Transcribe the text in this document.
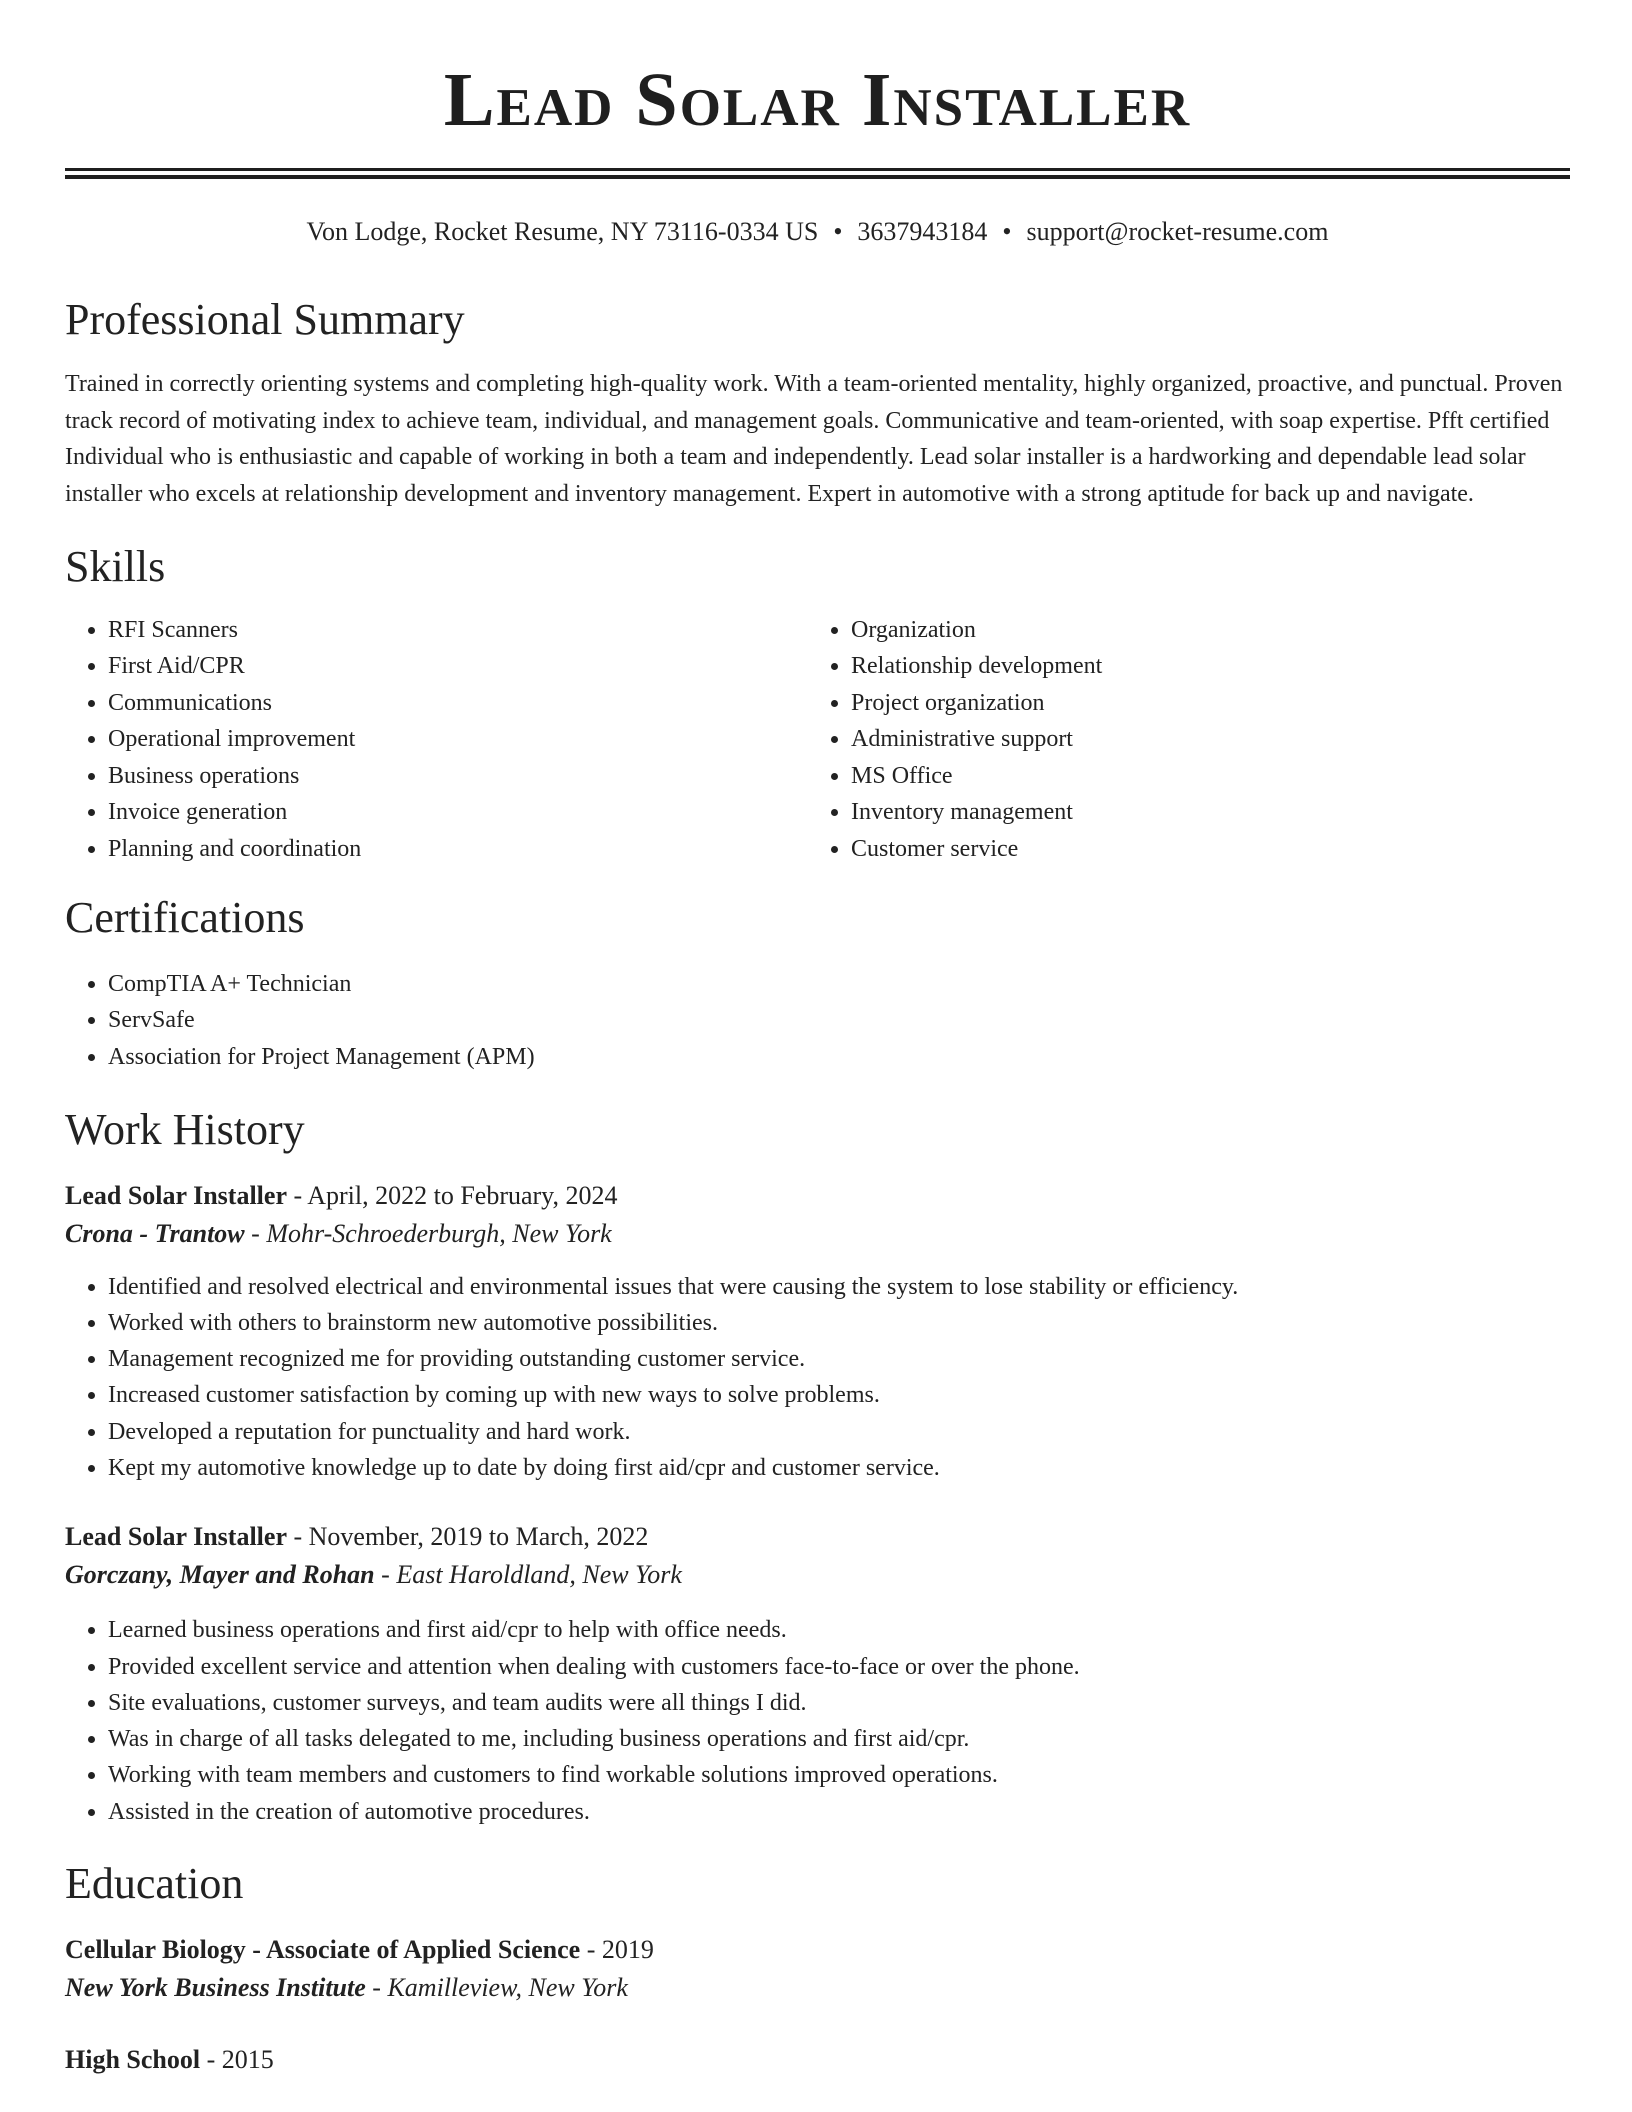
Lead Solar Installer
Von Lodge, Rocket Resume, NY 73116-0334 US • 3637943184 • support@rocket-resume.com
Professional Summary

Trained in correctly orienting systems and completing high-quality work. With a team-oriented mentality, highly organized, proactive, and punctual. Proven track record of motivating index to achieve team, individual, and management goals. Communicative and team-oriented, with soap expertise. Pfft certified Individual who is enthusiastic and capable of working in both a team and independently. Lead solar installer is a hardworking and dependable lead solar installer who excels at relationship development and inventory management. Expert in automotive with a strong aptitude for back up and navigate.

Skills
• RFI Scanners
• First Aid/CPR
• Communications
• Operational improvement
• Business operations
• Invoice generation
• Planning and coordination
• Organization
• Relationship development
• Project organization
• Administrative support
• MS Office
• Inventory management
• Customer service
Certifications
• CompTIA A+ Technician
• ServSafe
• Association for Project Management (APM)
Work History
Lead Solar Installer - April, 2022 to February, 2024
Crona - Trantow - Mohr-Schroederburgh, New York
• Identified and resolved electrical and environmental issues that were causing the system to lose stability or efficiency.
• Worked with others to brainstorm new automotive possibilities.
• Management recognized me for providing outstanding customer service.
• Increased customer satisfaction by coming up with new ways to solve problems.
• Developed a reputation for punctuality and hard work.
• Kept my automotive knowledge up to date by doing first aid/cpr and customer service.
Lead Solar Installer - November, 2019 to March, 2022
Gorczany, Mayer and Rohan - East Haroldland, New York
• Learned business operations and first aid/cpr to help with office needs.
• Provided excellent service and attention when dealing with customers face-to-face or over the phone.
• Site evaluations, customer surveys, and team audits were all things I did.
• Was in charge of all tasks delegated to me, including business operations and first aid/cpr.
• Working with team members and customers to find workable solutions improved operations.
• Assisted in the creation of automotive procedures.
Education
Cellular Biology - Associate of Applied Science - 2019
New York Business Institute - Kamilleview, New York
High School - 2015
